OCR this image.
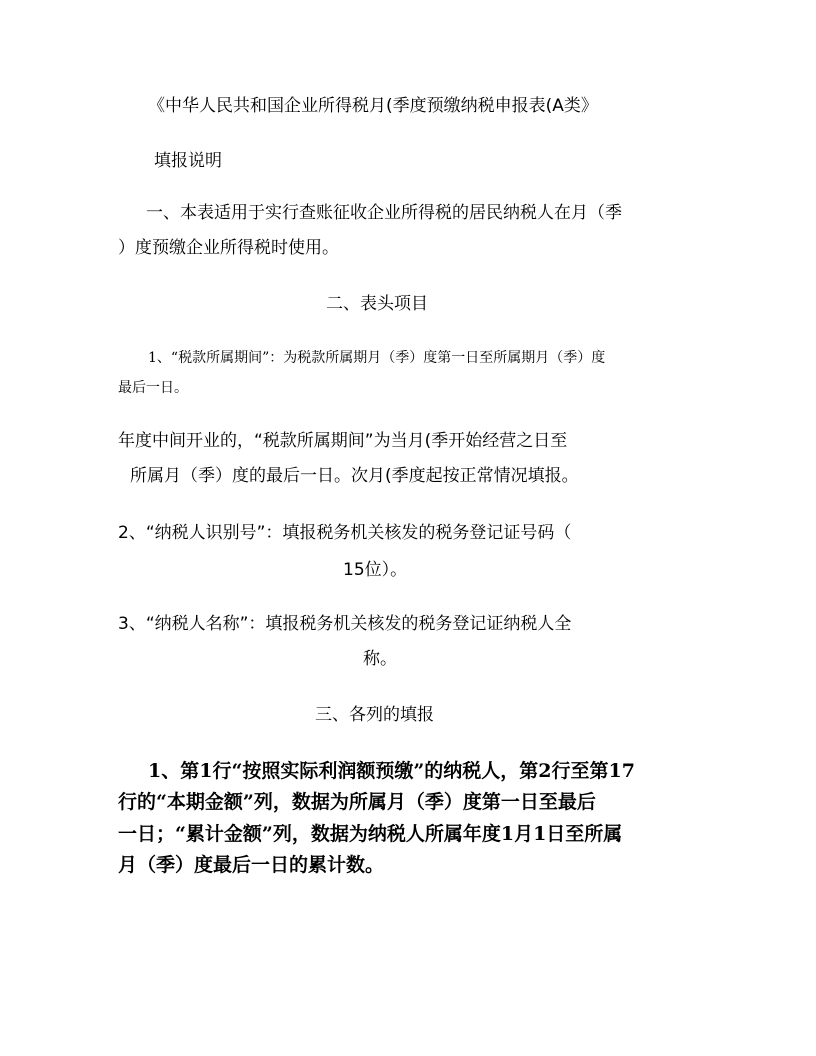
《中华人民共和国企业所得税月(季度预缴纳税申报表(A类》
填报说明
一、本表适用于实行查账征收企业所得税的居民纳税人在月（季
）度预缴企业所得税时使用。
二、表头项目
1、“税款所属期间”：为税款所属期月（季）度第一日至所属期月（季）度
最后一日。
年度中间开业的，“税款所属期间”为当月(季开始经营之日至
所属月（季）度的最后一日。次月(季度起按正常情况填报。
2、“纳税人识别号”：填报税务机关核发的税务登记证号码（
15位）。
3、“纳税人名称”：填报税务机关核发的税务登记证纳税人全
称。
三、各列的填报
1、第1行“按照实际利润额预缴”的纳税人，第2行至第17
行的“本期金额”列，数据为所属月（季）度第一日至最后
一日；“累计金额”列，数据为纳税人所属年度1月1日至所属
月（季）度最后一日的累计数。
